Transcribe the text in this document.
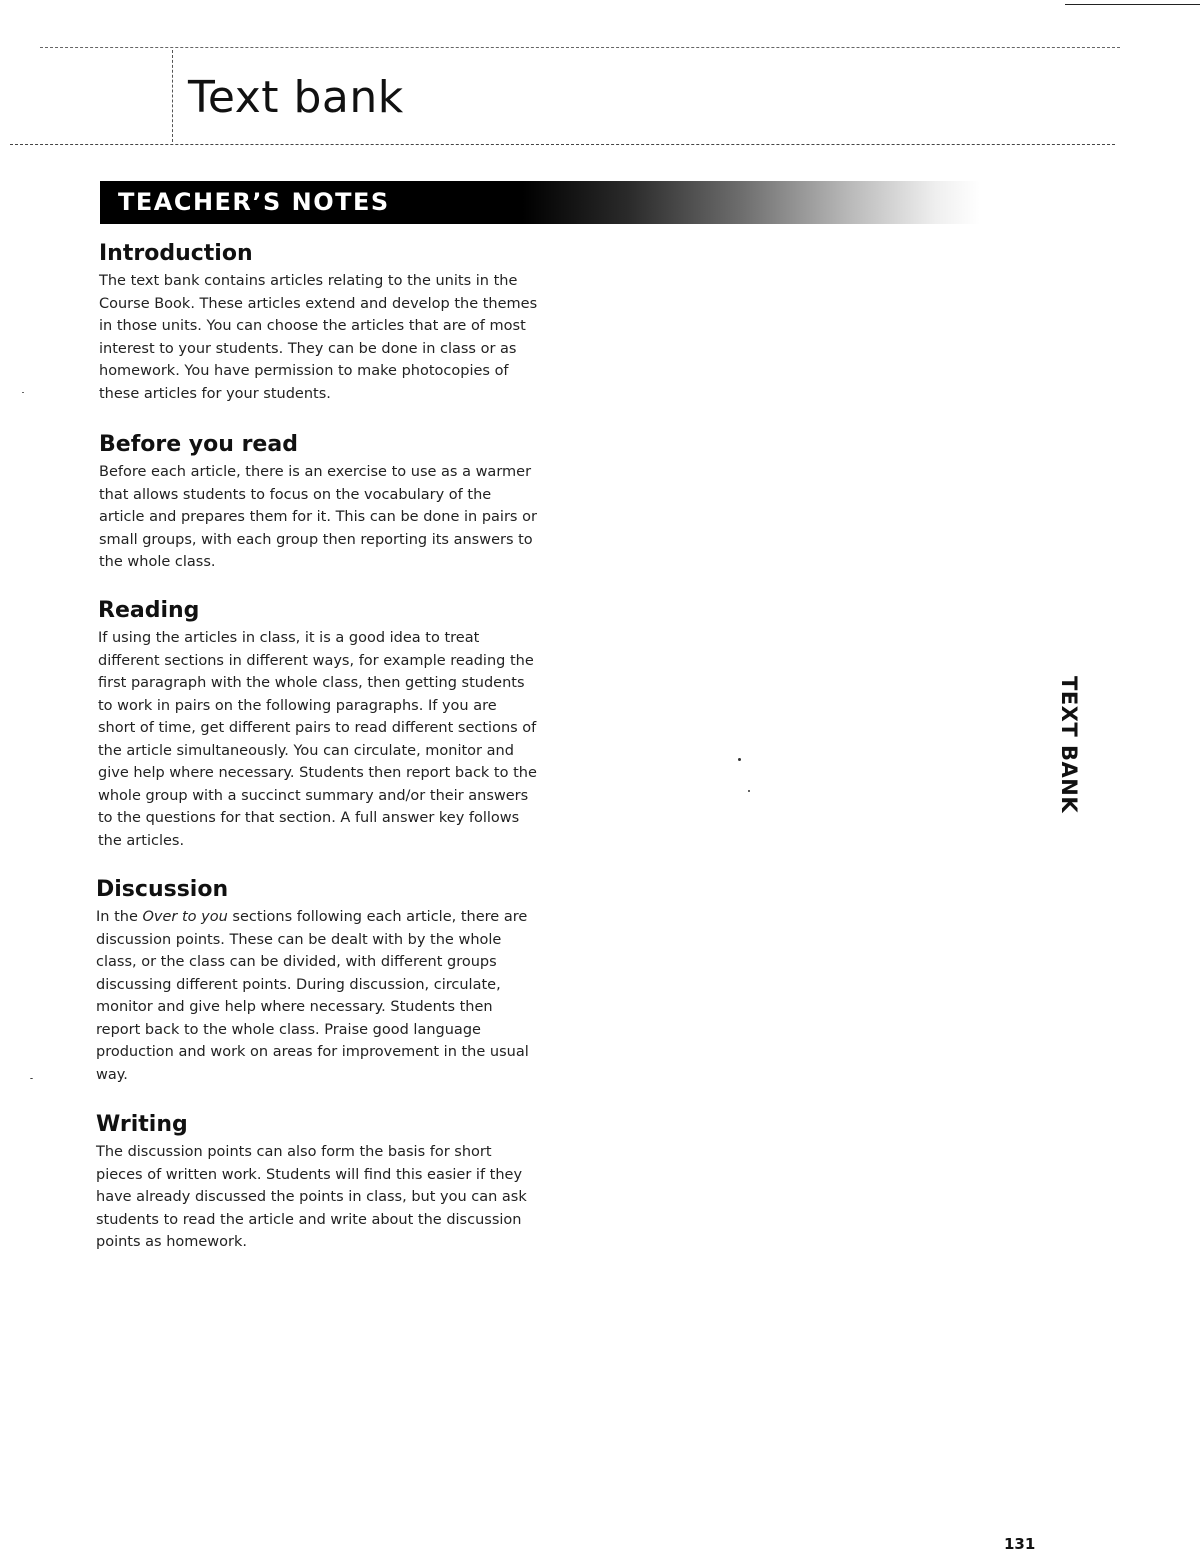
Text bank
TEACHER’S NOTES
Introduction

The text bank contains articles relating to the units in the Course Book. These articles extend and develop the themes in those units. You can choose the articles that are of most interest to your students. They can be done in class or as homework. You have permission to make photocopies of these articles for your students.

Before you read

Before each article, there is an exercise to use as a warmer that allows students to focus on the vocabulary of the article and prepares them for it. This can be done in pairs or small groups, with each group then reporting its answers to the whole class.

Reading

If using the articles in class, it is a good idea to treat different sections in different ways, for example reading the first paragraph with the whole class, then getting students to work in pairs on the following paragraphs. If you are short of time, get different pairs to read different sections of the article simultaneously. You can circulate, monitor and give help where necessary. Students then report back to the whole group with a succinct summary and/or their answers to the questions for that section. A full answer key follows the articles.

Discussion

In the Over to you sections following each article, there are discussion points. These can be dealt with by the whole class, or the class can be divided, with different groups discussing different points. During discussion, circulate, monitor and give help where necessary. Students then report back to the whole class. Praise good language production and work on areas for improvement in the usual way.

Writing

The discussion points can also form the basis for short pieces of written work. Students will find this easier if they have already discussed the points in class, but you can ask students to read the article and write about the discussion points as homework.

TEXT BANK
131
